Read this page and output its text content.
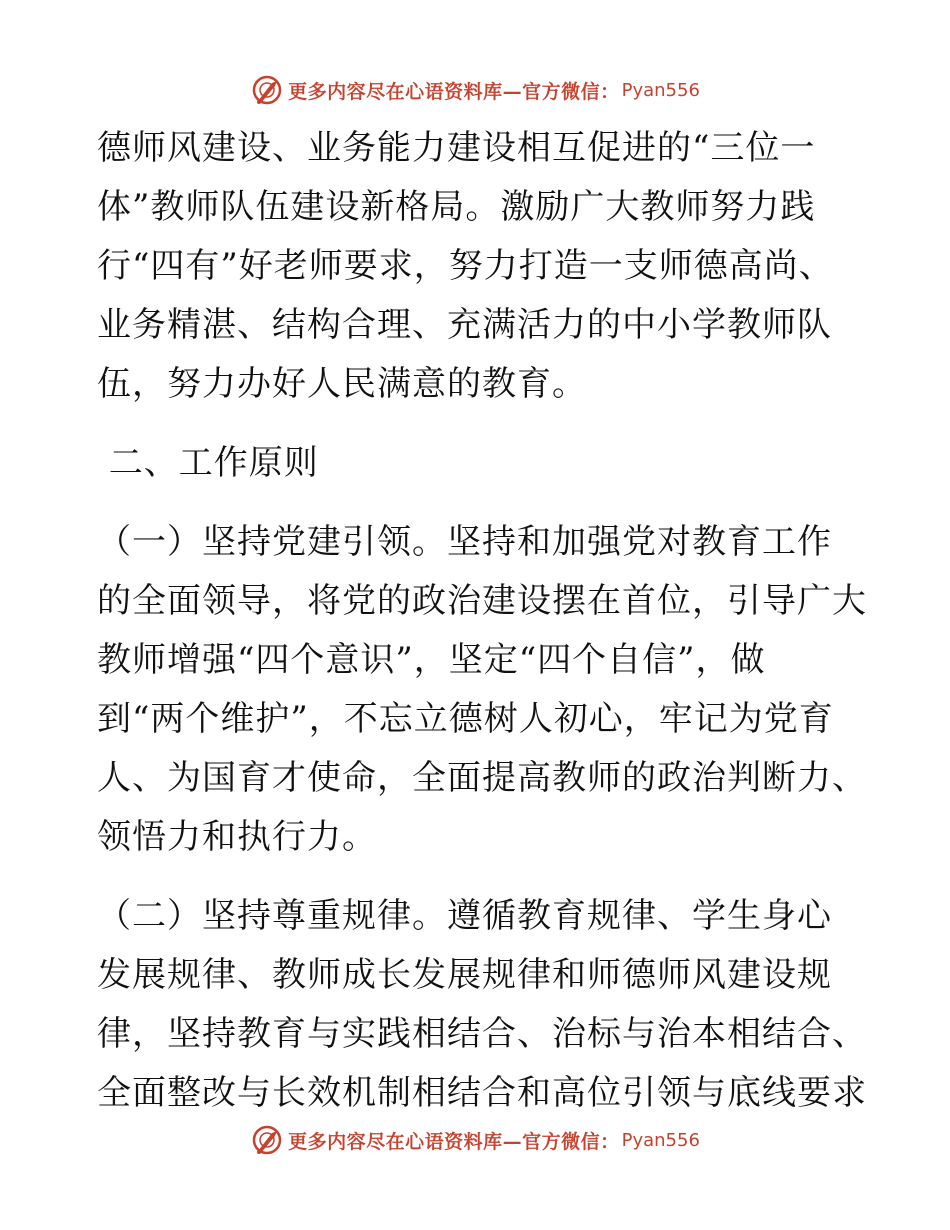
更多内容尽在心语资料库—官方微信： Pyan556
德师风建设、业务能力建设相互促进的“三位一
体”教师队伍建设新格局。激励广大教师努力践
行“四有”好老师要求，努力打造一支师德高尚、
业务精湛、结构合理、充满活力的中小学教师队
伍，努力办好人民满意的教育。
二、工作原则
（一）坚持党建引领。坚持和加强党对教育工作
的全面领导，将党的政治建设摆在首位，引导广大
教师增强“四个意识”，坚定“四个自信”，做
到“两个维护”，不忘立德树人初心，牢记为党育
人、为国育才使命，全面提高教师的政治判断力、
领悟力和执行力。
（二）坚持尊重规律。遵循教育规律、学生身心
发展规律、教师成长发展规律和师德师风建设规
律，坚持教育与实践相结合、治标与治本相结合、
全面整改与长效机制相结合和高位引领与底线要求
更多内容尽在心语资料库—官方微信： Pyan556
